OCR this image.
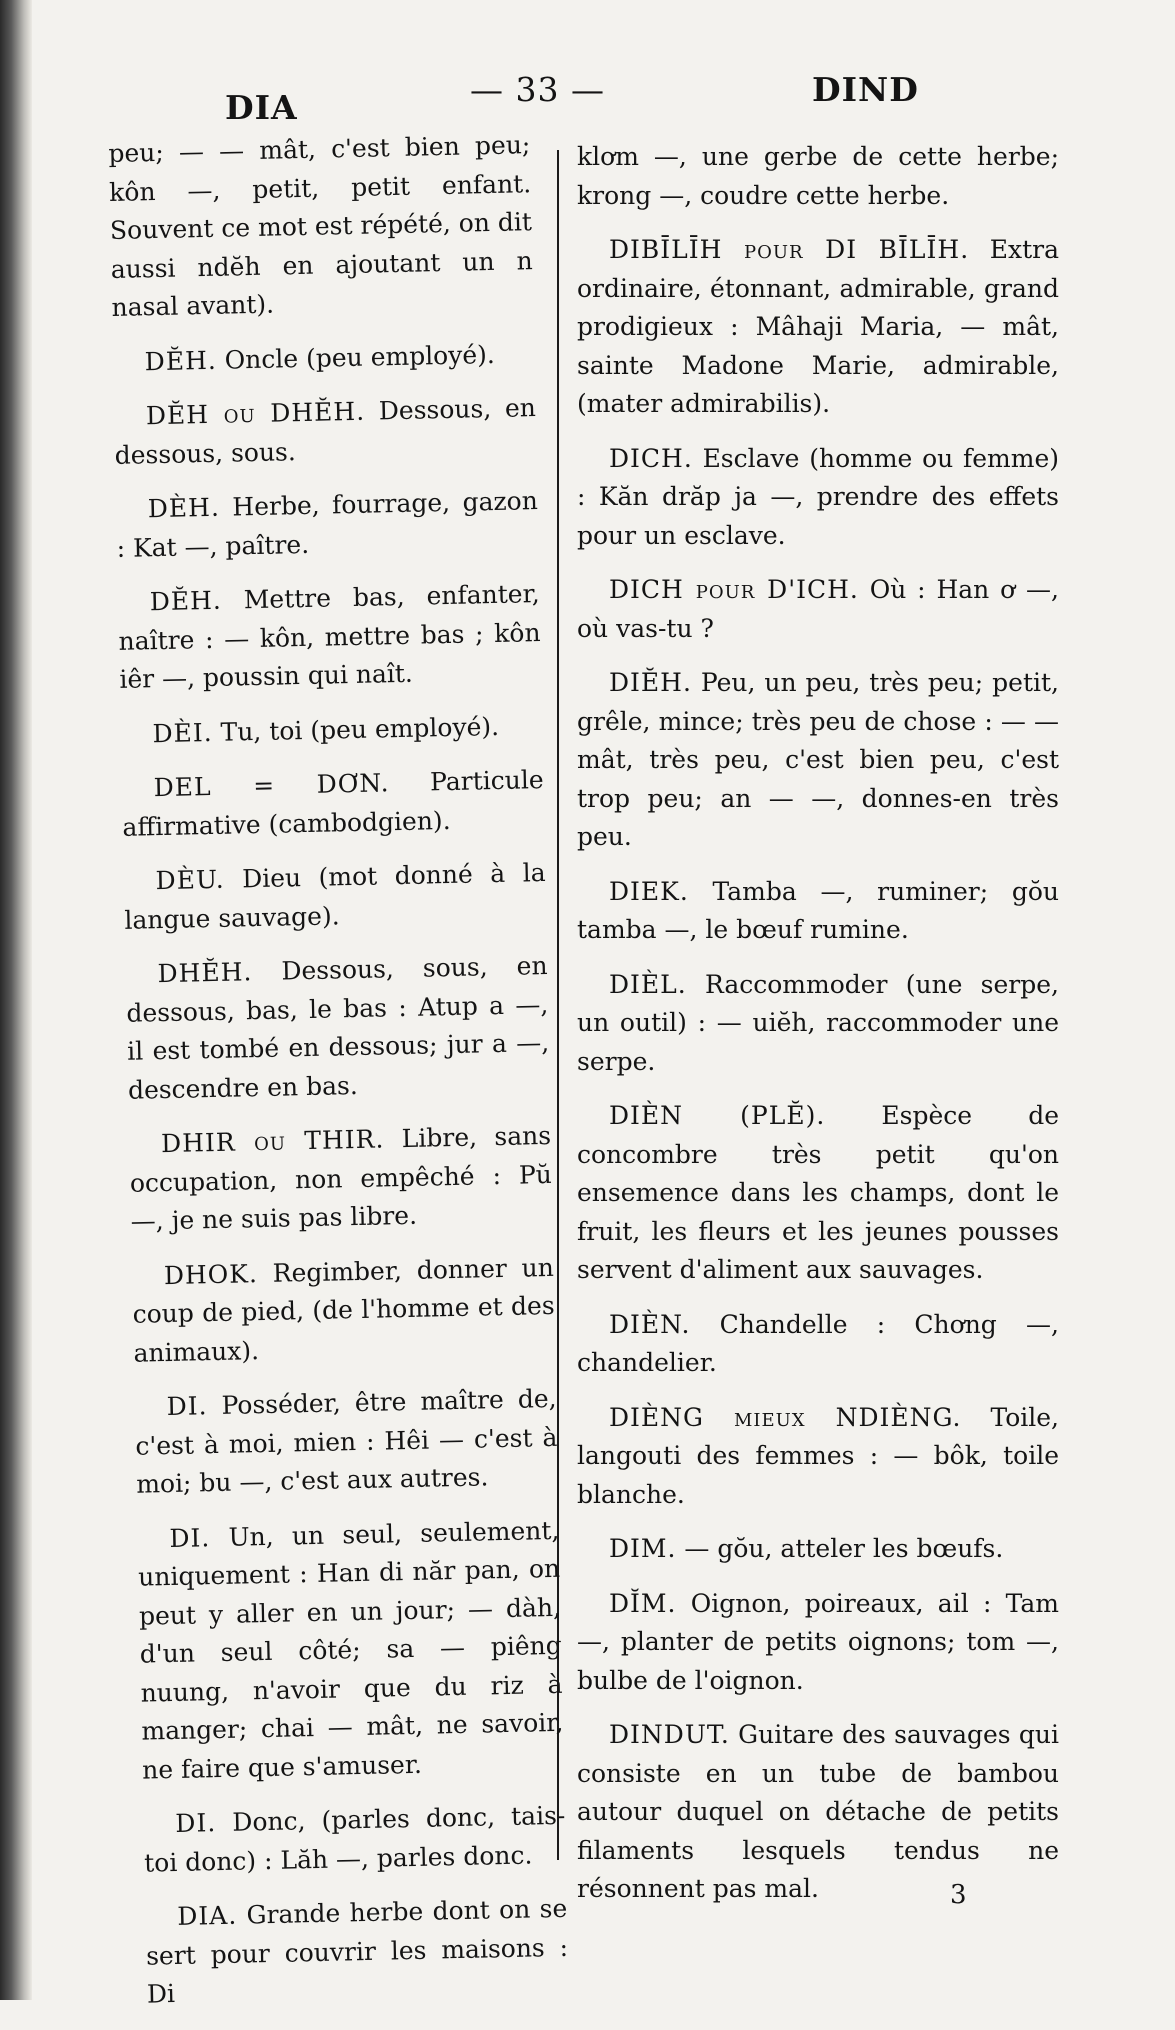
DIA	— 33 —	DIND

peu; — — mât, c'est bien peu; kôn —, petit, petit enfant. Souvent ce mot est répété, on dit aussi ndĕh en ajoutant un n nasal avant).

DĔH. Oncle (peu employé).

DĔH ou DHĔH. Dessous, en dessous, sous.

DÈH. Herbe, fourrage, gazon : Kat —, paître.

DĔH. Mettre bas, enfanter, naître : — kôn, mettre bas ; kôn iêr —, poussin qui naît.

DÈI. Tu, toi (peu employé).

DEL = DƠN. Particule affirmative (cambodgien).

DÈU. Dieu (mot donné à la langue sauvage).

DHĔH. Dessous, sous, en dessous, bas, le bas : Atup a —, il est tombé en dessous; jur a —, descendre en bas.

DHIR ou THIR. Libre, sans occupation, non empêché : Pŭ —, je ne suis pas libre.

DHOK. Regimber, donner un coup de pied, (de l'homme et des animaux).

DI. Posséder, être maître de, c'est à moi, mien : Hêi — c'est à moi; bu —, c'est aux autres.

DI. Un, un seul, seulement, uniquement : Han di năr pan, on peut y aller en un jour; — dàh, d'un seul côté; sa — piêng nuung, n'avoir que du riz à manger; chai — mât, ne savoir, ne faire que s'amuser.

DI. Donc, (parles donc, tais-toi donc) : Lăh —, parles donc.

DIA. Grande herbe dont on se sert pour couvrir les maisons : Di

klơm —, une gerbe de cette herbe; krong —, coudre cette herbe.

DIBĪLĪH pour DI BĪLĪH. Extra ordinaire, étonnant, admirable, grand prodigieux : Mâhaji Maria, — mât, sainte Madone Marie, admirable, (mater admirabilis).

DICH. Esclave (homme ou femme) : Kăn drăp ja —, prendre des effets pour un esclave.

DICH pour D'ICH. Où : Han ơ —, où vas-tu ?

DIĔH. Peu, un peu, très peu; petit, grêle, mince; très peu de chose : — — mât, très peu, c'est bien peu, c'est trop peu; an — —, donnes-en très peu.

DIEK. Tamba —, ruminer; gŏu tamba —, le bœuf rumine.

DIÈL. Raccommoder (une serpe, un outil) : — uiĕh, raccommoder une serpe.

DIÈN (PLĔ). Espèce de concombre très petit qu'on ensemence dans les champs, dont le fruit, les fleurs et les jeunes pousses servent d'aliment aux sauvages.

DIÈN. Chandelle : Chơng —, chandelier.

DIÈNG mieux NDIÈNG. Toile, langouti des femmes : — bôk, toile blanche.

DIM. — gŏu, atteler les bœufs.

DĬM. Oignon, poireaux, ail : Tam —, planter de petits oignons; tom —, bulbe de l'oignon.

DINDUT. Guitare des sauvages qui consiste en un tube de bambou autour duquel on détache de petits filaments lesquels tendus ne résonnent pas mal.	3
